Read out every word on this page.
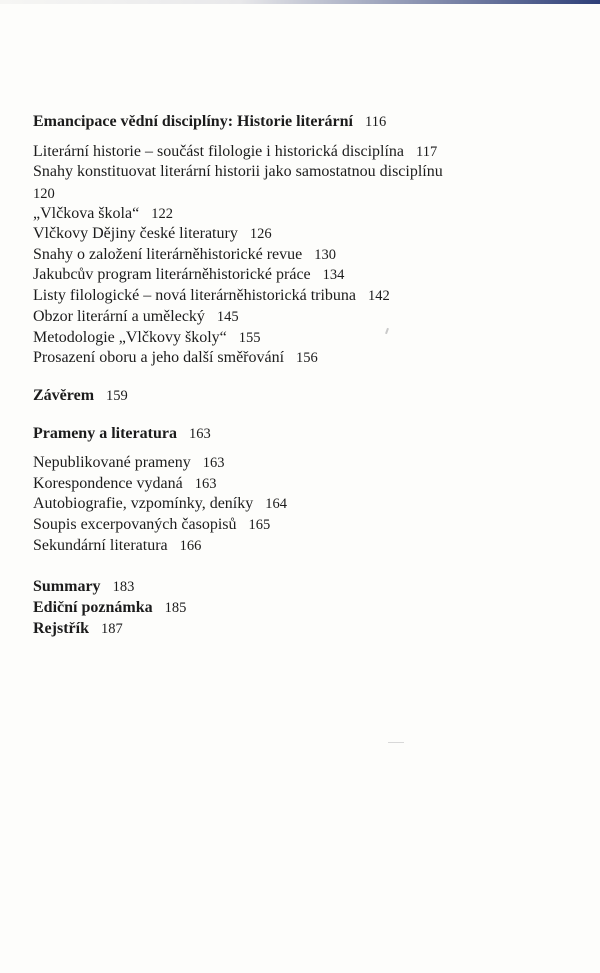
Emancipace vědní disciplíny: Historie literární 116
Literární historie – součást filologie i historická disciplína 117
Snahy konstituovat literární historii jako samostatnou disciplínu
120
„Vlčkova škola“ 122
Vlčkovy Dějiny české literatury 126
Snahy o založení literárněhistorické revue 130
Jakubcův program literárněhistorické práce 134
Listy filologické – nová literárněhistorická tribuna 142
Obzor literární a umělecký 145
Metodologie „Vlčkovy školy“ 155
Prosazení oboru a jeho další směřování 156
Závěrem 159
Prameny a literatura 163
Nepublikované prameny 163
Korespondence vydaná 163
Autobiografie, vzpomínky, deníky 164
Soupis excerpovaných časopisů 165
Sekundární literatura 166
Summary 183
Ediční poznámka 185
Rejstřík 187
